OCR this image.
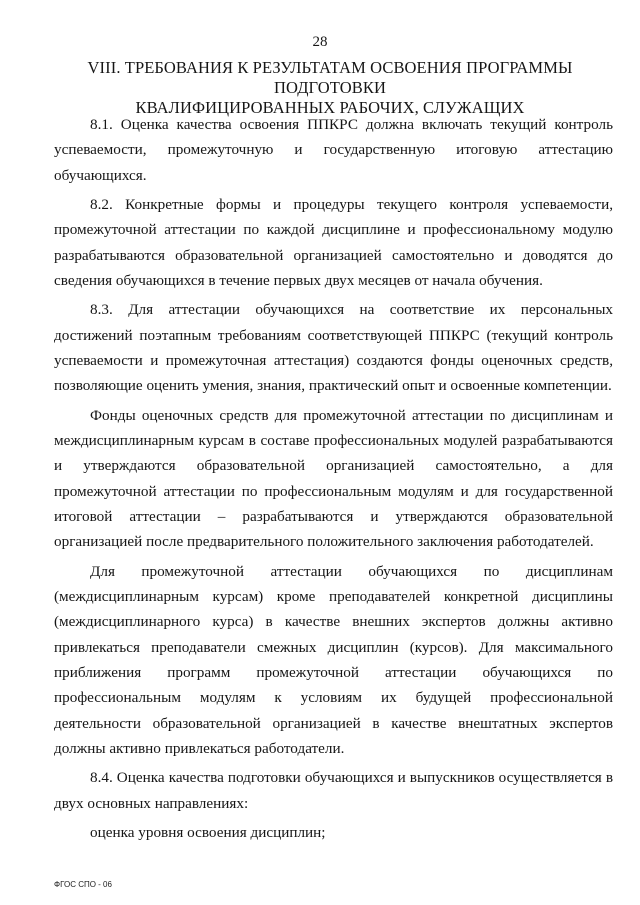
28
VIII. ТРЕБОВАНИЯ К РЕЗУЛЬТАТАМ ОСВОЕНИЯ ПРОГРАММЫ ПОДГОТОВКИ
КВАЛИФИЦИРОВАННЫХ РАБОЧИХ, СЛУЖАЩИХ

8.1. Оценка качества освоения ППКРС должна включать текущий контроль успеваемости, промежуточную и государственную итоговую аттестацию обучающихся.

8.2. Конкретные формы и процедуры текущего контроля успеваемости, промежуточной аттестации по каждой дисциплине и профессиональному модулю разрабатываются образовательной организацией самостоятельно и доводятся до сведения обучающихся в течение первых двух месяцев от начала обучения.

8.3. Для аттестации обучающихся на соответствие их персональных достижений поэтапным требованиям соответствующей ППКРС (текущий контроль успеваемости и промежуточная аттестация) создаются фонды оценочных средств, позволяющие оценить умения, знания, практический опыт и освоенные компетенции.

Фонды оценочных средств для промежуточной аттестации по дисциплинам и междисциплинарным курсам в составе профессиональных модулей разрабатываются и утверждаются образовательной организацией самостоятельно, а для промежуточной аттестации по профессиональным модулям и для государственной итоговой аттестации – разрабатываются и утверждаются образовательной организацией после предварительного положительного заключения работодателей.

Для промежуточной аттестации обучающихся по дисциплинам (междисциплинарным курсам) кроме преподавателей конкретной дисциплины (междисциплинарного курса) в качестве внешних экспертов должны активно привлекаться преподаватели смежных дисциплин (курсов). Для максимального приближения программ промежуточной аттестации обучающихся по профессиональным модулям к условиям их будущей профессиональной деятельности образовательной организацией в качестве внештатных экспертов должны активно привлекаться работодатели.

8.4. Оценка качества подготовки обучающихся и выпускников осуществляется в двух основных направлениях:

оценка уровня освоения дисциплин;

ФГОС СПО - 06
